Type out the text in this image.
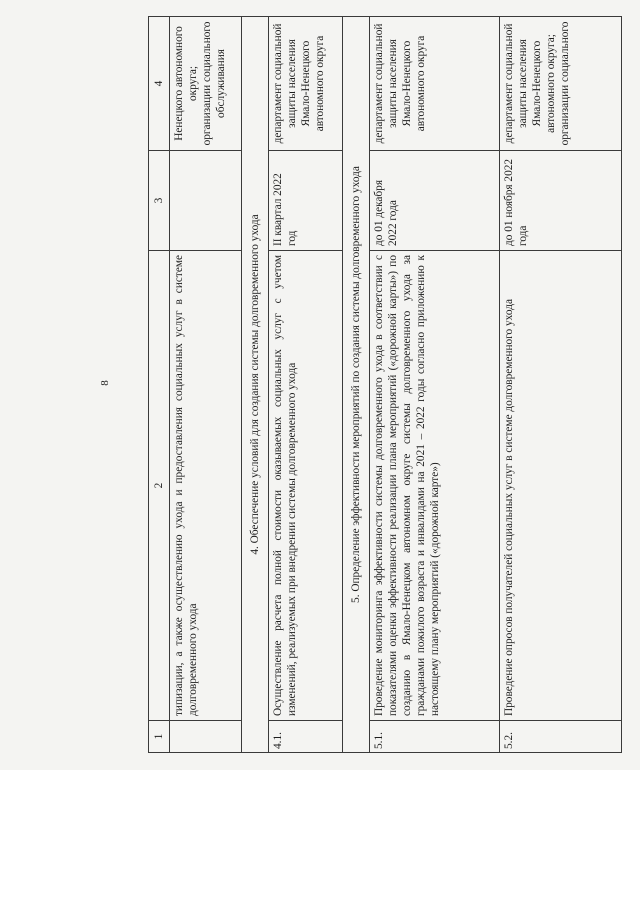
8
1	2	3	4
	типизации, а также осуществлению ухода и предоставления социальных услуг в системе долговременного ухода		Ненецкого автономного округа; организации социального обслуживания

4. Обеспечение условий для создания системы долговременного ухода			
4.1.	Осуществление расчета полной стоимости оказываемых социальных услуг с учетом изменений, реализуемых при внедрении системы долговременного ухода	II квартал 2022 год	департамент социальной защиты населения Ямало-Ненецкого автономного округа

5. Определение эффективности мероприятий по создания системы долговременного ухода			
5.1.	Проведение мониторинга эффективности системы долговременного ухода в соответствии с показателями оценки эффективности реализации плана мероприятий («дорожной карты») по созданию в Ямало-Ненецком автономном округе системы долговременного ухода за гражданами пожилого возраста и инвалидами на 2021 – 2022 годы согласно приложению к настоящему плану мероприятий («дорожной карте»)	до 01 декабря 2022 года	департамент социальной защиты населения Ямало-Ненецкого автономного округа

5.2.	Проведение опросов получателей социальных услуг в системе долговременного ухода	до 01 ноября 2022 года	департамент социальной защиты населения Ямало-Ненецкого автономного округа; организации социального
